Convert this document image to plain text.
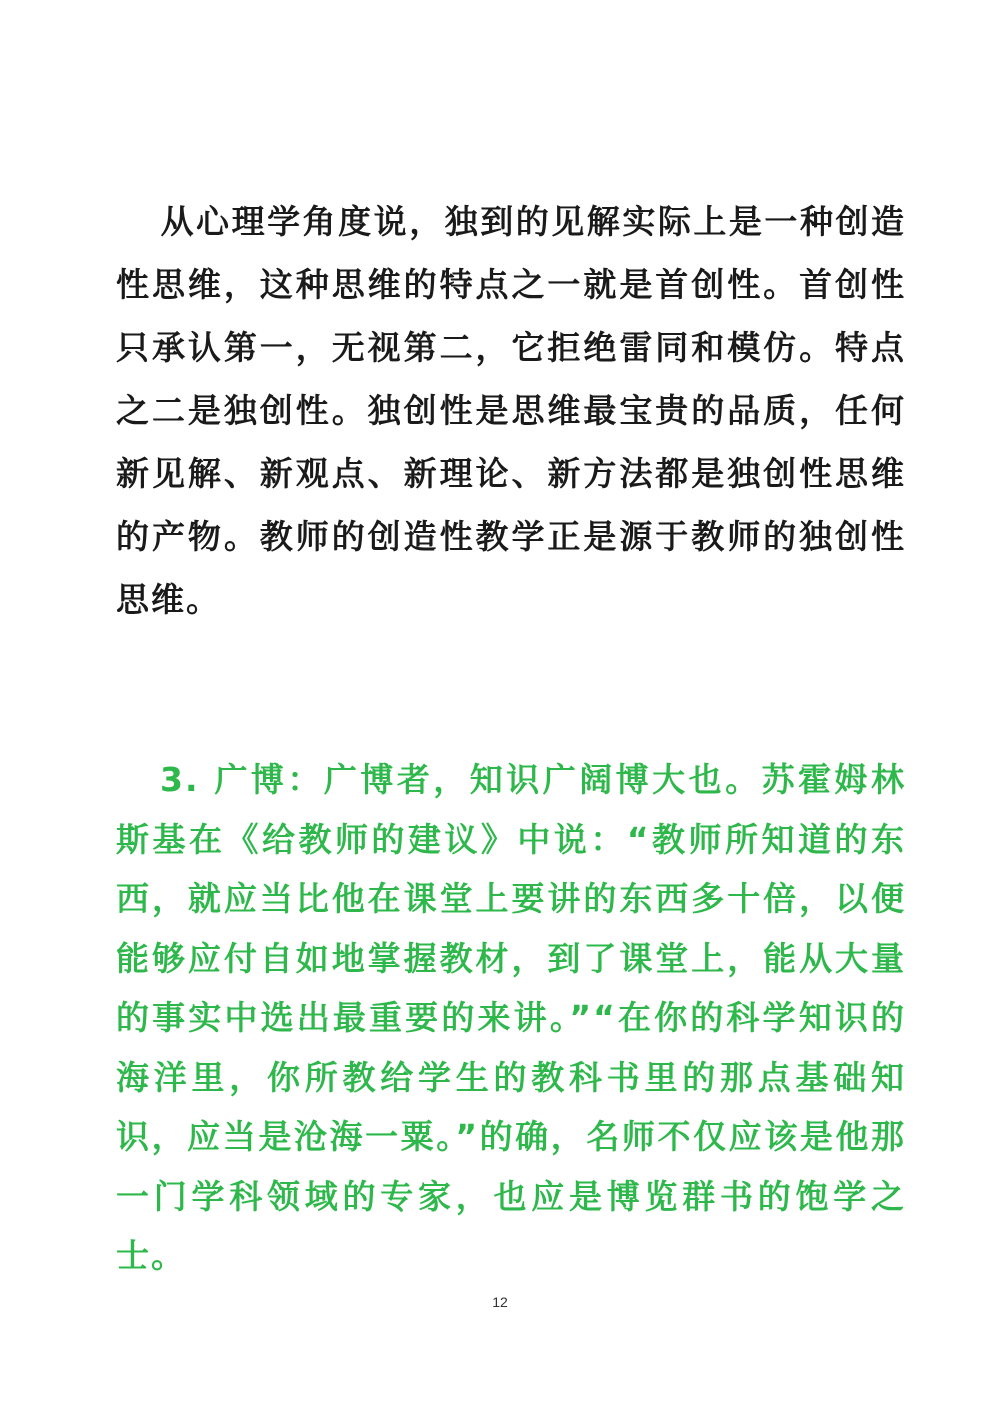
从心理学角度说，独到的见解实际上是一种创造性思维，这种思维的特点之一就是首创性。首创性只承认第一，无视第二，它拒绝雷同和模仿。特点之二是独创性。独创性是思维最宝贵的品质，任何新见解、新观点、新理论、新方法都是独创性思维的产物。教师的创造性教学正是源于教师的独创性思维。

3. 广博：广博者，知识广阔博大也。苏霍姆林斯基在《给教师的建议》中说：“教师所知道的东西，就应当比他在课堂上要讲的东西多十倍，以便能够应付自如地掌握教材，到了课堂上，能从大量的事实中选出最重要的来讲。”“在你的科学知识的海洋里，你所教给学生的教科书里的那点基础知识，应当是沧海一粟。”的确，名师不仅应该是他那一门学科领域的专家，也应是博览群书的饱学之士。

12
